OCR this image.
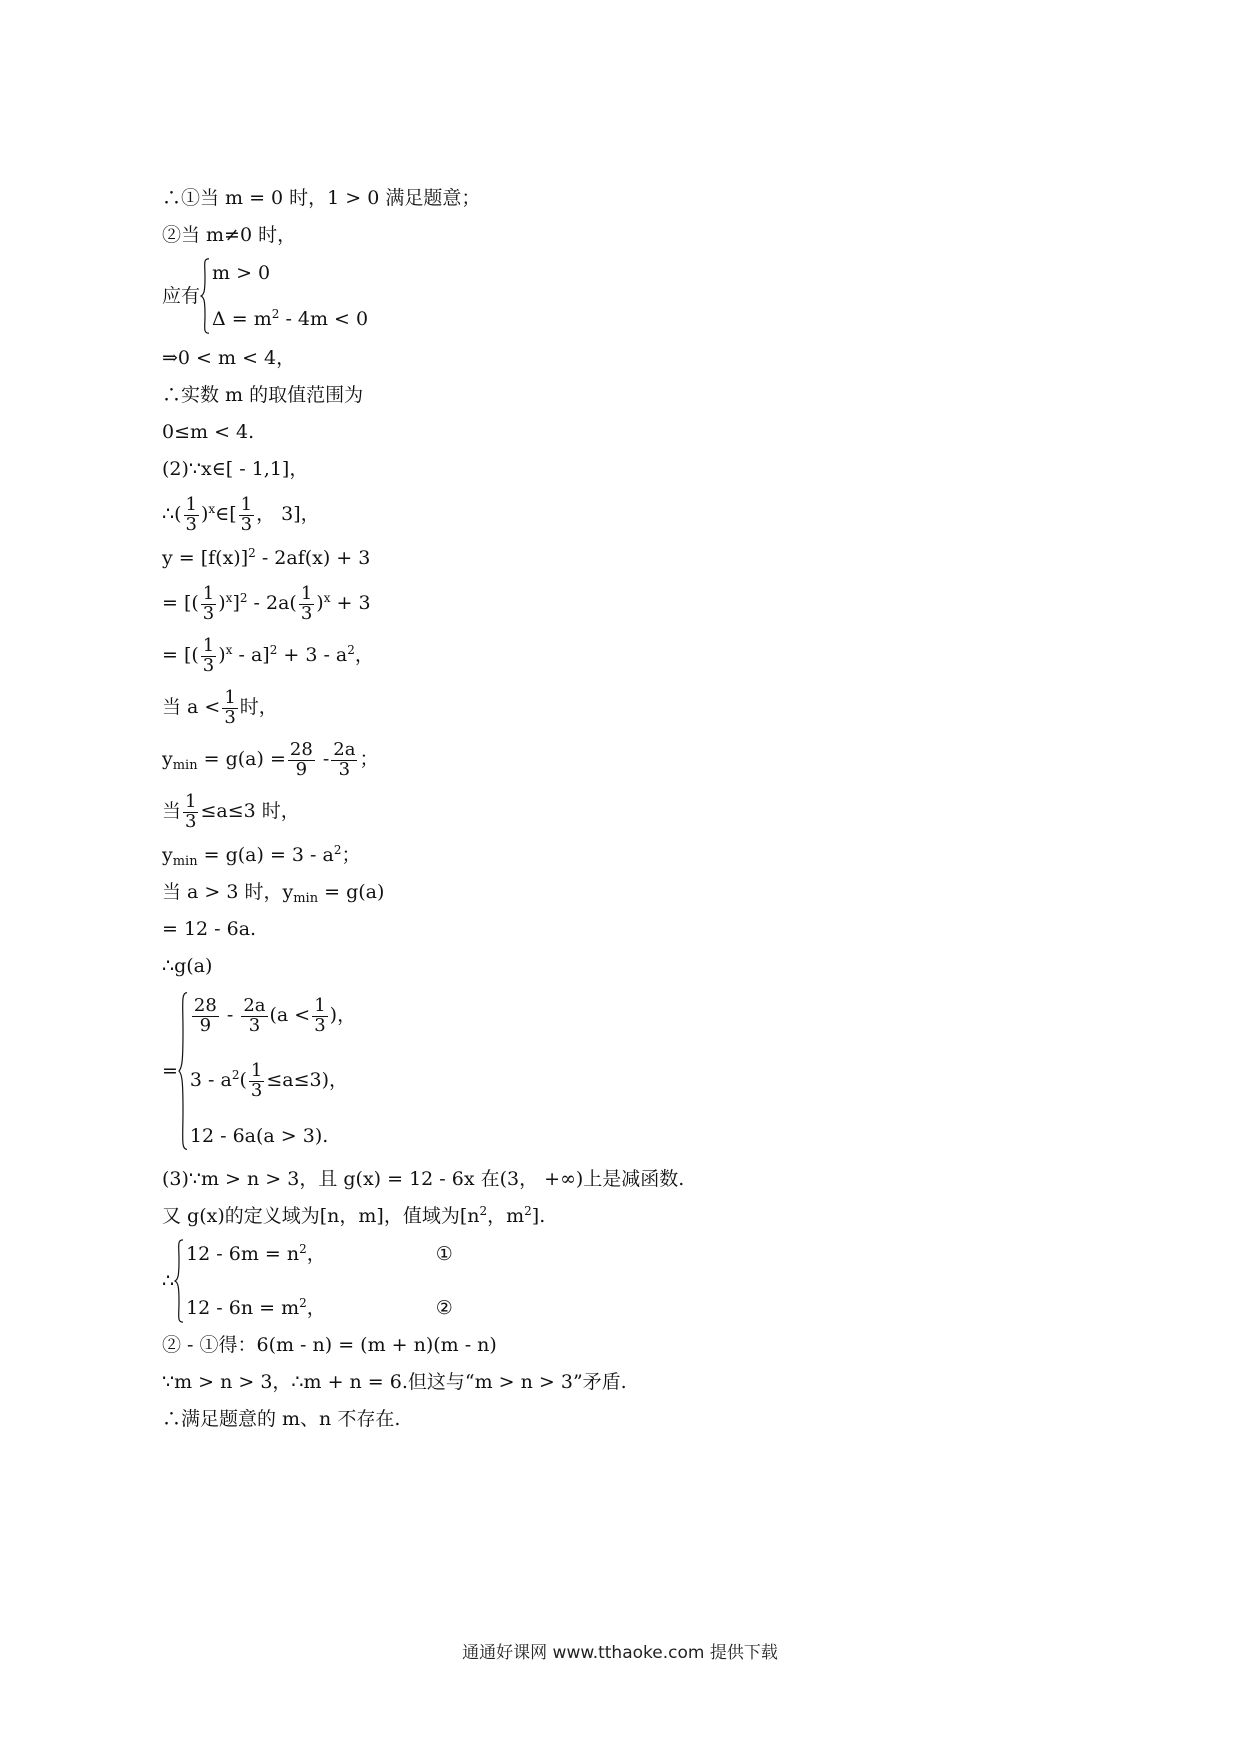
∴①当 m = 0 时，1 > 0 满足题意；
②当 m≠0 时，
应有
m > 0
$\Delta = m^2 - 4m < 0$
⇒0 < m < 4，
∴实数 m 的取值范围为
0≤m < 4.
(2)∵x∈[ - 1,1]，
∴( $\frac{1}{3}$ )$^x$∈[ $\frac{1}{3}$ ， 3]，
$y = [f(x)]^2 - 2af(x) + 3$
= [( $\frac{1}{3} )^x]^2 - 2a( \frac{1}{3} )^x + 3$
= [( $\frac{1}{3} )^x - a]^2 + 3 - a^2$，
当 $a < \frac{1}{3}$ 时，
$y_{min} = g(a) = \frac{28}{9} - \frac{2a}{3}$ ；
当 $\frac{1}{3} \le a\le 3$ 时，
$y_{min} = g(a) = 3 - a^2$；
当 a > 3 时，$y_{min} = g(a)$
= 12 - 6a.
∴g(a)
=
$\frac{28}{9} - \frac{2a}{3} (a < \frac{1}{3}$ )，
$3 - a^2( \frac{1}{3} \le a\le 3)$，
12 - 6a(a > 3).
(3)∵m > n > 3，且 g(x) = 12 - 6x 在(3， +∞)上是减函数.
又 g(x)的定义域为[n，m]，值域为[$n^2$，$m^2$].
∴
$12 - 6m = n^2$，	①
$12 - 6n = m^2$，	②
② - ①得：6(m - n) = (m + n)(m - n)
∵m > n > 3，∴m + n = 6.但这与“m > n > 3”矛盾.
∴满足题意的 m、n 不存在.
通通好课网 www.tthaoke.com 提供下载
